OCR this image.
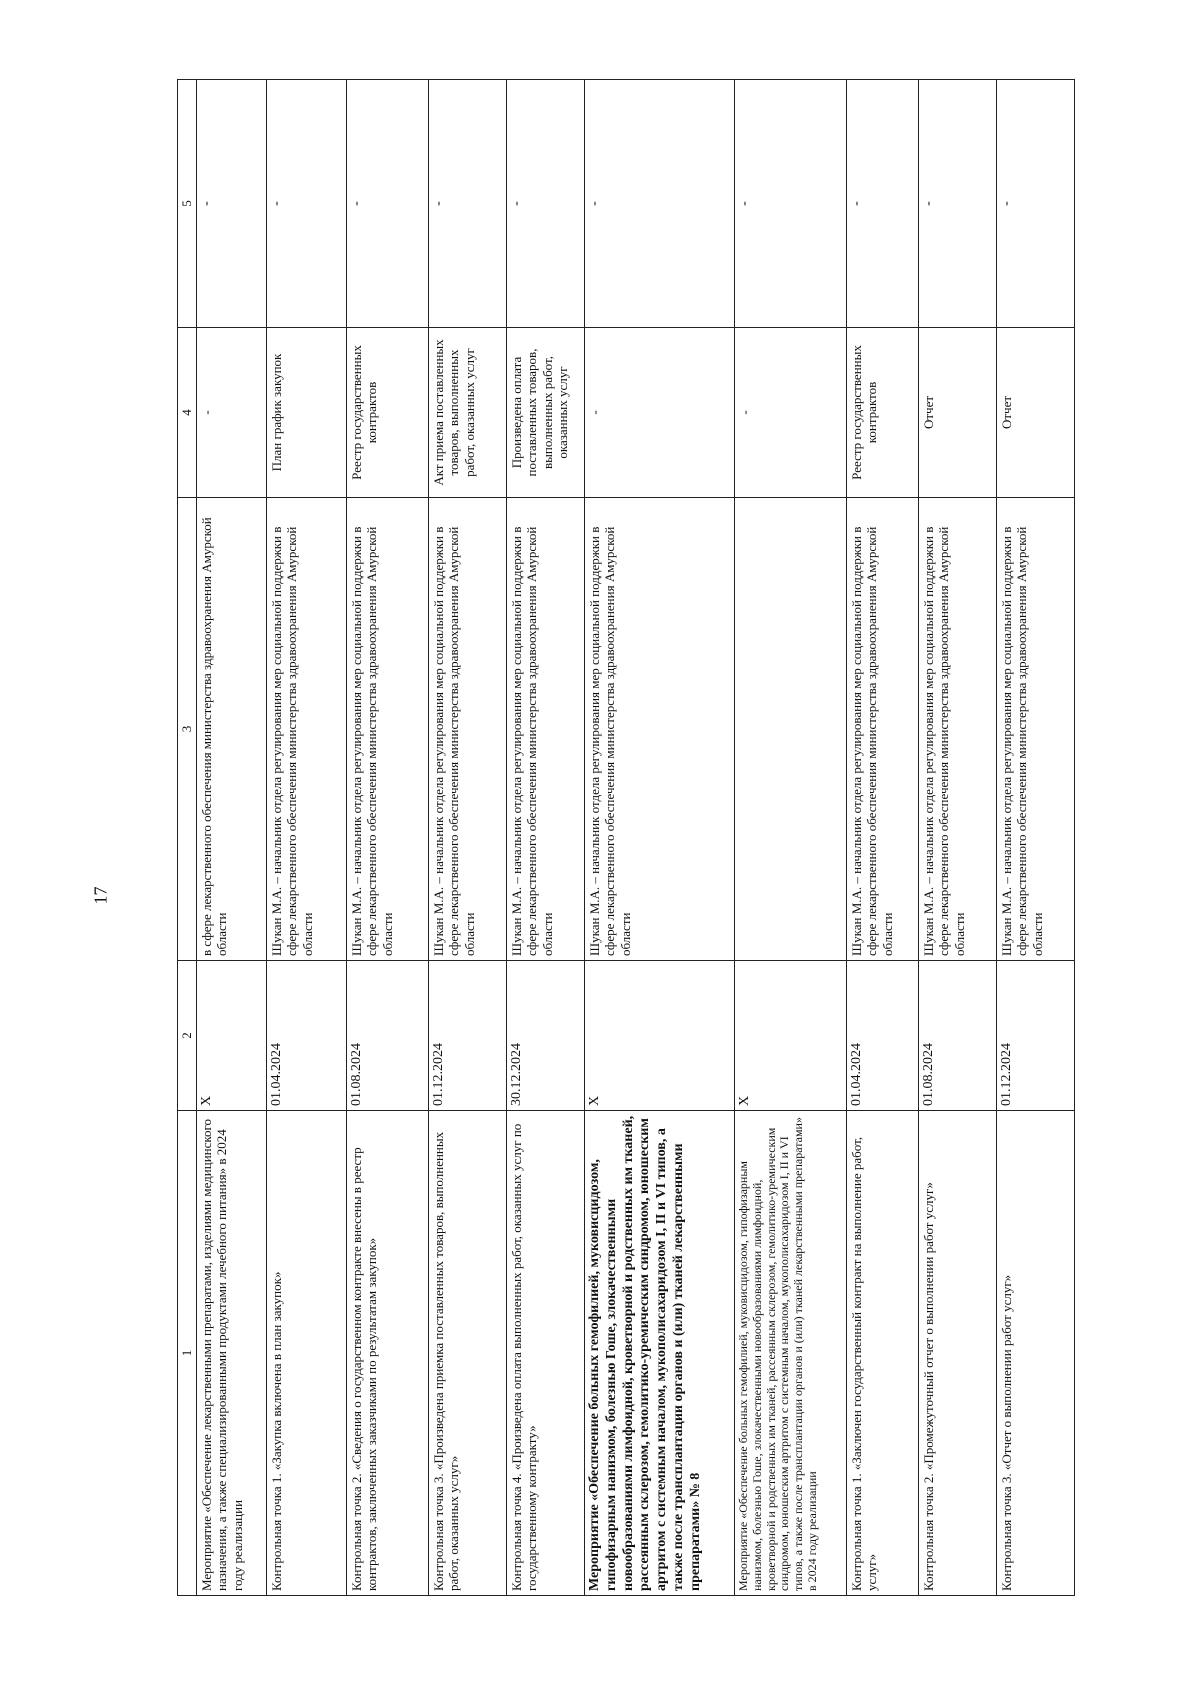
17
1	2	3	4	5
Мероприятие «Обеспечение лекарственными препаратами, изделиями медицинского назначения, а также специализированными продуктами лечебного питания» в 2024 году реализации	Х	в сфере лекарственного обеспечения министерства здравоохранения Амурской области	-	-
Контрольная точка 1. «Закупка включена в план закупок»	01.04.2024	Шукан М.А. – начальник отдела регулирования мер социальной поддержки в сфере лекарственного обеспечения министерства здравоохранения Амурской области	План график закупок	-
Контрольная точка 2. «Сведения о государственном контракте внесены в реестр контрактов, заключенных заказчиками по результатам закупок»	01.08.2024	Шукан М.А. – начальник отдела регулирования мер социальной поддержки в сфере лекарственного обеспечения министерства здравоохранения Амурской области	Реестр государственных контрактов	-
Контрольная точка 3. «Произведена приемка поставленных товаров, выполненных работ, оказанных услуг»	01.12.2024	Шукан М.А. – начальник отдела регулирования мер социальной поддержки в сфере лекарственного обеспечения министерства здравоохранения Амурской области	Акт приема поставленных товаров, выполненных работ, оказанных услуг	-
Контрольная точка 4. «Произведена оплата выполненных работ, оказанных услуг по государственному контракту»	30.12.2024	Шукан М.А. – начальник отдела регулирования мер социальной поддержки в сфере лекарственного обеспечения министерства здравоохранения Амурской области	Произведена оплата поставленных товаров, выполненных работ, оказанных услуг	-
Мероприятие «Обеспечение больных гемофилией, муковисцидозом, гипофизарным нанизмом, болезнью Гоше, злокачественными новообразованиями лимфоидной, кроветворной и родственных им тканей, рассеянным склерозом, гемолитико-уремическим синдромом, юношеским артритом с системным началом, мукополисахаридозом I, II и VI типов, а также после трансплантации органов и (или) тканей лекарственными препаратами» № 8	Х	Шукан М.А. – начальник отдела регулирования мер социальной поддержки в сфере лекарственного обеспечения министерства здравоохранения Амурской области	-	-
Мероприятие «Обеспечение больных гемофилией, муковисцидозом, гипофизарным нанизмом, болезнью Гоше, злокачественными новообразованиями лимфоидной, кроветворной и родственных им тканей, рассеянным склерозом, гемолитико-уремическим синдромом, юношеским артритом с системным началом, мукополисахаридозом I, II и VI типов, а также после трансплантации органов и (или) тканей лекарственными препаратами» в 2024 году реализации	Х		-	-
Контрольная точка 1. «Заключен государственный контракт на выполнение работ, услуг»	01.04.2024	Шукан М.А. – начальник отдела регулирования мер социальной поддержки в сфере лекарственного обеспечения министерства здравоохранения Амурской области	Реестр государственных контрактов	-
Контрольная точка 2. «Промежуточный отчет о выполнении работ услуг»	01.08.2024	Шукан М.А. – начальник отдела регулирования мер социальной поддержки в сфере лекарственного обеспечения министерства здравоохранения Амурской области	Отчет	-
Контрольная точка 3. «Отчет о выполнении работ услуг»	01.12.2024	Шукан М.А. – начальник отдела регулирования мер социальной поддержки в сфере лекарственного обеспечения министерства здравоохранения Амурской области	Отчет	-
